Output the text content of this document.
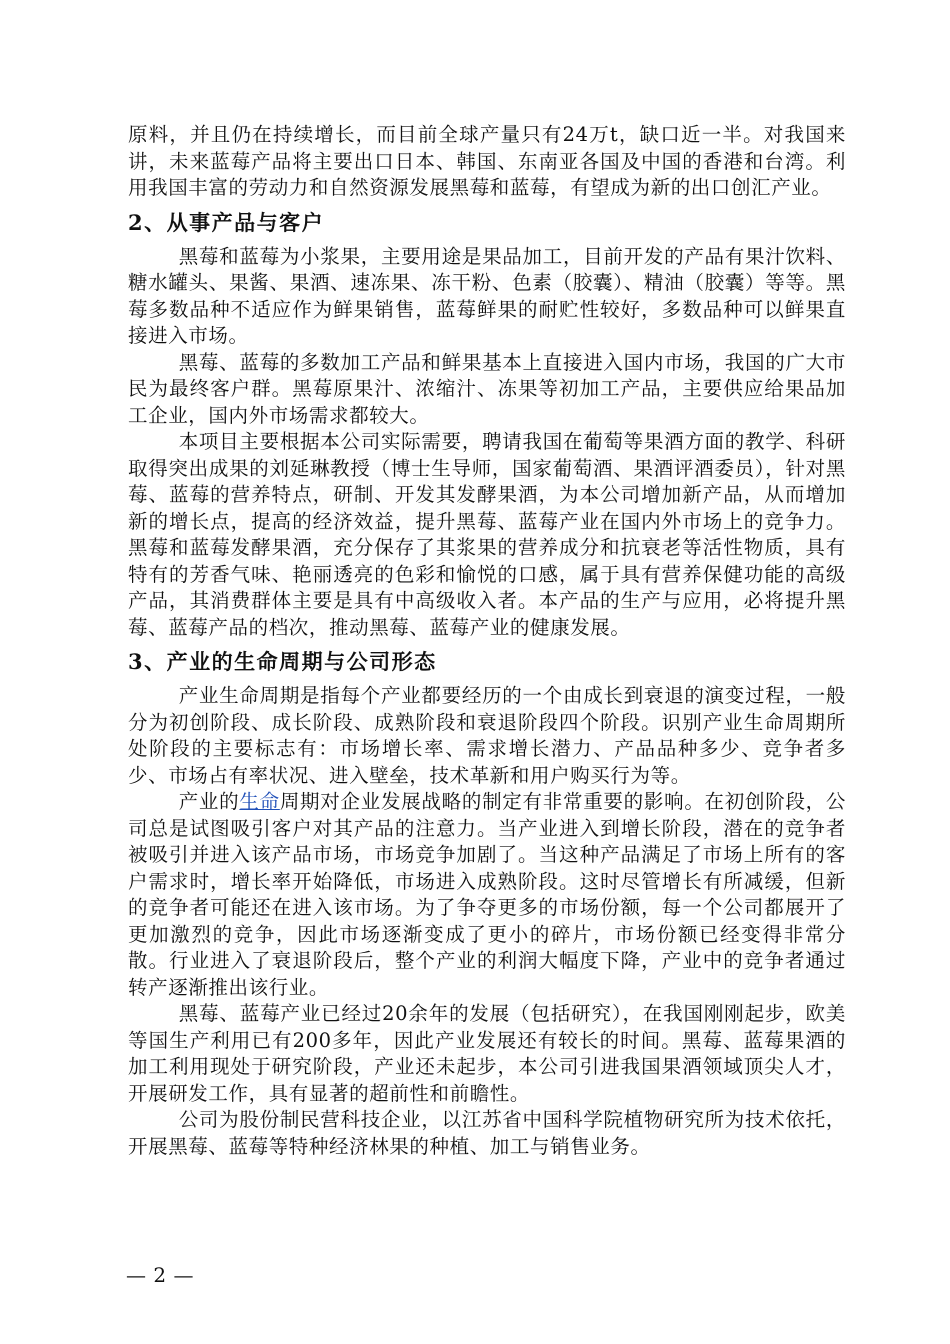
原料，并且仍在持续增长，而目前全球产量只有24万t，缺口近一半。对我国来讲，未来蓝莓产品将主要出口日本、韩国、东南亚各国及中国的香港和台湾。利用我国丰富的劳动力和自然资源发展黑莓和蓝莓，有望成为新的出口创汇产业。

2、从事产品与客户

黑莓和蓝莓为小浆果，主要用途是果品加工，目前开发的产品有果汁饮料、糖水罐头、果酱、果酒、速冻果、冻干粉、色素（胶囊）、精油（胶囊）等等。黑莓多数品种不适应作为鲜果销售，蓝莓鲜果的耐贮性较好，多数品种可以鲜果直接进入市场。

黑莓、蓝莓的多数加工产品和鲜果基本上直接进入国内市场，我国的广大市民为最终客户群。黑莓原果汁、浓缩汁、冻果等初加工产品，主要供应给果品加工企业，国内外市场需求都较大。

本项目主要根据本公司实际需要，聘请我国在葡萄等果酒方面的教学、科研取得突出成果的刘延琳教授（博士生导师，国家葡萄酒、果酒评酒委员），针对黑莓、蓝莓的营养特点，研制、开发其发酵果酒，为本公司增加新产品，从而增加新的增长点，提高的经济效益，提升黑莓、蓝莓产业在国内外市场上的竞争力。黑莓和蓝莓发酵果酒，充分保存了其浆果的营养成分和抗衰老等活性物质，具有特有的芳香气味、艳丽透亮的色彩和愉悦的口感，属于具有营养保健功能的高级产品，其消费群体主要是具有中高级收入者。本产品的生产与应用，必将提升黑莓、蓝莓产品的档次，推动黑莓、蓝莓产业的健康发展。

3、产业的生命周期与公司形态

产业生命周期是指每个产业都要经历的一个由成长到衰退的演变过程，一般分为初创阶段、成长阶段、成熟阶段和衰退阶段四个阶段。识别产业生命周期所处阶段的主要标志有：市场增长率、需求增长潜力、产品品种多少、竞争者多少、市场占有率状况、进入壁垒，技术革新和用户购买行为等。

产业的生命周期对企业发展战略的制定有非常重要的影响。在初创阶段，公司总是试图吸引客户对其产品的注意力。当产业进入到增长阶段，潜在的竞争者被吸引并进入该产品市场，市场竞争加剧了。当这种产品满足了市场上所有的客户需求时，增长率开始降低，市场进入成熟阶段。这时尽管增长有所减缓，但新的竞争者可能还在进入该市场。为了争夺更多的市场份额，每一个公司都展开了更加激烈的竞争，因此市场逐渐变成了更小的碎片，市场份额已经变得非常分散。行业进入了衰退阶段后，整个产业的利润大幅度下降，产业中的竞争者通过转产逐渐推出该行业。

黑莓、蓝莓产业已经过20余年的发展（包括研究），在我国刚刚起步，欧美等国生产利用已有200多年，因此产业发展还有较长的时间。黑莓、蓝莓果酒的加工利用现处于研究阶段，产业还未起步，本公司引进我国果酒领域顶尖人才，开展研发工作，具有显著的超前性和前瞻性。

公司为股份制民营科技企业，以江苏省中国科学院植物研究所为技术依托，开展黑莓、蓝莓等特种经济林果的种植、加工与销售业务。

— 2 —
